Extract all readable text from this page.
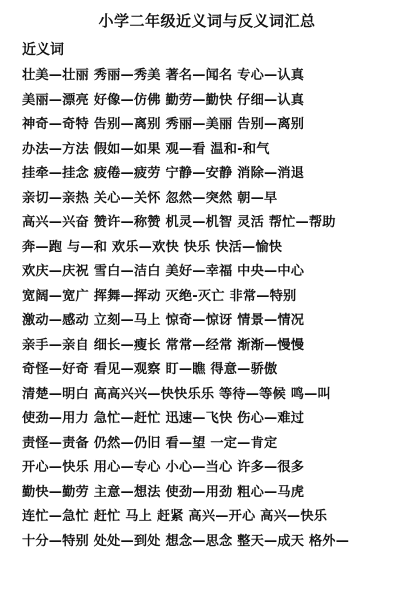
小学二年级近义词与反义词汇总
近义词
壮美—壮丽 秀丽—秀美 著名—闻名 专心—认真
美丽—漂亮 好像—仿佛 勤劳—勤快 仔细—认真
神奇—奇特 告别—离别 秀丽—美丽 告别—离别
办法—方法 假如—如果 观—看 温和-和气
挂牵—挂念 疲倦—疲劳 宁静—安静 消除—消退
亲切—亲热 关心—关怀 忽然—突然 朝—早
高兴—兴奋 赞许—称赞 机灵—机智 灵活 帮忙—帮助
奔—跑 与—和 欢乐—欢快 快乐 快活—愉快
欢庆—庆祝 雪白—洁白 美好—幸福 中央—中心
宽阔—宽广 挥舞—挥动 灭绝-灭亡 非常—特别
激动—感动 立刻—马上 惊奇—惊讶 情景—情况
亲手—亲自 细长—瘦长 常常—经常 渐渐—慢慢
奇怪—好奇 看见—观察 盯—瞧 得意—骄傲
清楚—明白 高高兴兴—快快乐乐 等待—等候 鸣—叫
使劲—用力 急忙—赶忙 迅速—飞快 伤心—难过
责怪—责备 仍然—仍旧 看—望 一定—肯定
开心—快乐 用心—专心 小心—当心 许多—很多
勤快—勤劳 主意—想法 使劲—用劲 粗心—马虎
连忙—急忙 赶忙 马上 赶紧 高兴—开心 高兴—快乐
十分—特别 处处—到处 想念—思念 整天—成天 格外—
